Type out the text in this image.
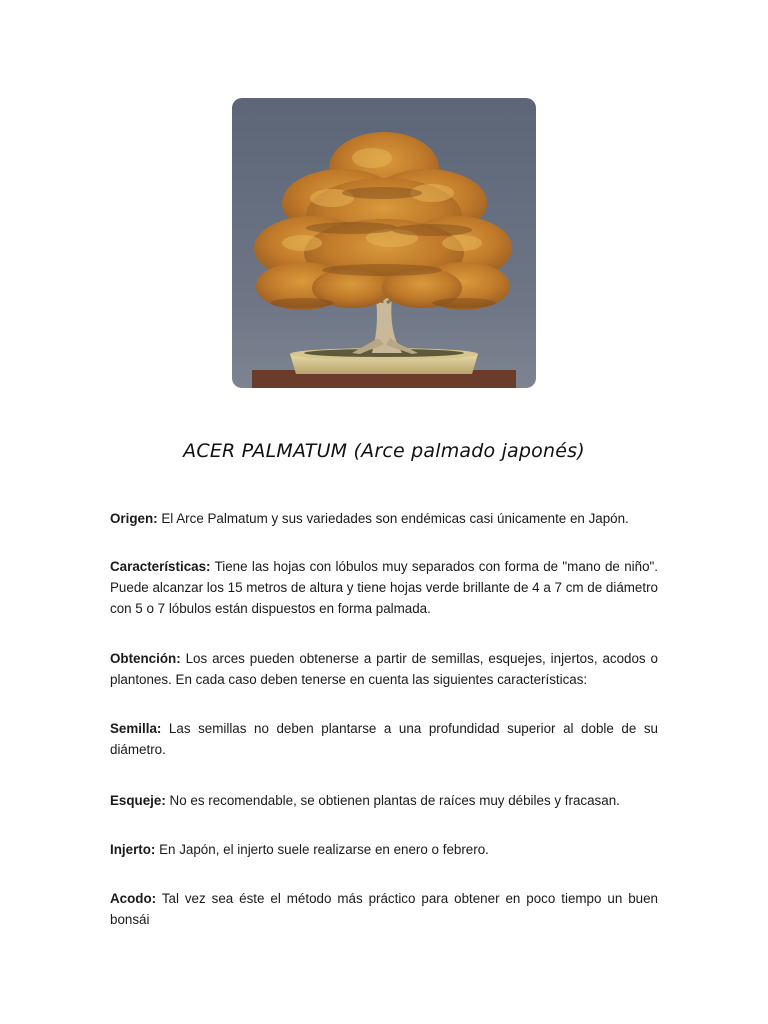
ACER PALMATUM (Arce palmado japonés)

Origen: El Arce Palmatum y sus variedades son endémicas casi únicamente en Japón.

Características: Tiene las hojas con lóbulos muy separados con forma de "mano de niño". Puede alcanzar los 15 metros de altura y tiene hojas verde brillante de 4 a 7 cm de diámetro con 5 o 7 lóbulos están dispuestos en forma palmada.

Obtención: Los arces pueden obtenerse a partir de semillas, esquejes, injertos, acodos o plantones. En cada caso deben tenerse en cuenta las siguientes características:

Semilla: Las semillas no deben plantarse a una profundidad superior al doble de su diámetro.

Esqueje: No es recomendable, se obtienen plantas de raíces muy débiles y fracasan.

Injerto: En Japón, el injerto suele realizarse en enero o febrero.

Acodo: Tal vez sea éste el método más práctico para obtener en poco tiempo un buen bonsái
